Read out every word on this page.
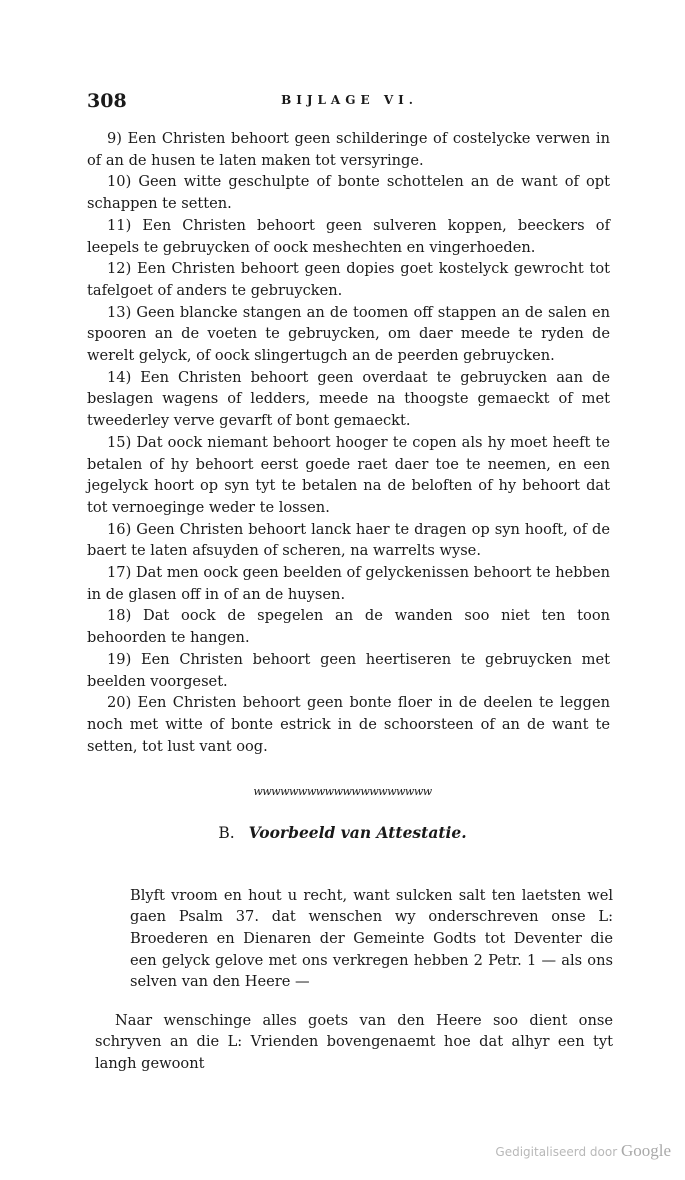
308	BIJLAGE VI.

9) Een Christen behoort geen schilderinge of costelycke verwen in of an de husen te laten maken tot versyringe.

10) Geen witte geschulpte of bonte schottelen an de want of opt schappen te setten.

11) Een Christen behoort geen sulveren koppen, beeckers of leepels te gebruycken of oock meshechten en vingerhoeden.

12) Een Christen behoort geen dopies goet kostelyck gewrocht tot tafelgoet of anders te gebruycken.

13) Geen blancke stangen an de toomen off stappen an de salen en spooren an de voeten te gebruycken, om daer meede te ryden de werelt gelyck, of oock slingertugch an de peerden gebruycken.

14) Een Christen behoort geen overdaat te gebruycken aan de beslagen wagens of ledders, meede na thoogste gemaeckt of met tweederley verve gevarft of bont gemaeckt.

15) Dat oock niemant behoort hooger te copen als hy moet heeft te betalen of hy behoort eerst goede raet daer toe te neemen, en een jegelyck hoort op syn tyt te betalen na de beloften of hy behoort dat tot vernoeginge weder te lossen.

16) Geen Christen behoort lanck haer te dragen op syn hooft, of de baert te laten afsuyden of scheren, na warrelts wyse.

17) Dat men oock geen beelden of gelyckenissen behoort te hebben in de glasen off in of an de huysen.

18) Dat oock de spegelen an de wanden soo niet ten toon behoorden te hangen.

19) Een Christen behoort geen heertiseren te gebruycken met beelden voorgeset.

20) Een Christen behoort geen bonte floer in de deelen te leggen noch met witte of bonte estrick in de schoorsteen of an de want te setten, tot lust vant oog.

wwwwwwwwwwwwwwwwwwww
B. Voorbeeld van Attestatie.

Blyft vroom en hout u recht, want sulcken salt ten laetsten wel gaen Psalm 37. dat wenschen wy onderschreven onse L: Broederen en Dienaren der Gemeinte Godts tot Deventer die een gelyck gelove met ons verkregen hebben 2 Petr. 1 — als ons selven van den Heere —

Naar wenschinge alles goets van den Heere soo dient onse schryven an die L: Vrienden bovengenaemt hoe dat alhyr een tyt langh gewoont

Gedigitaliseerd door Google
